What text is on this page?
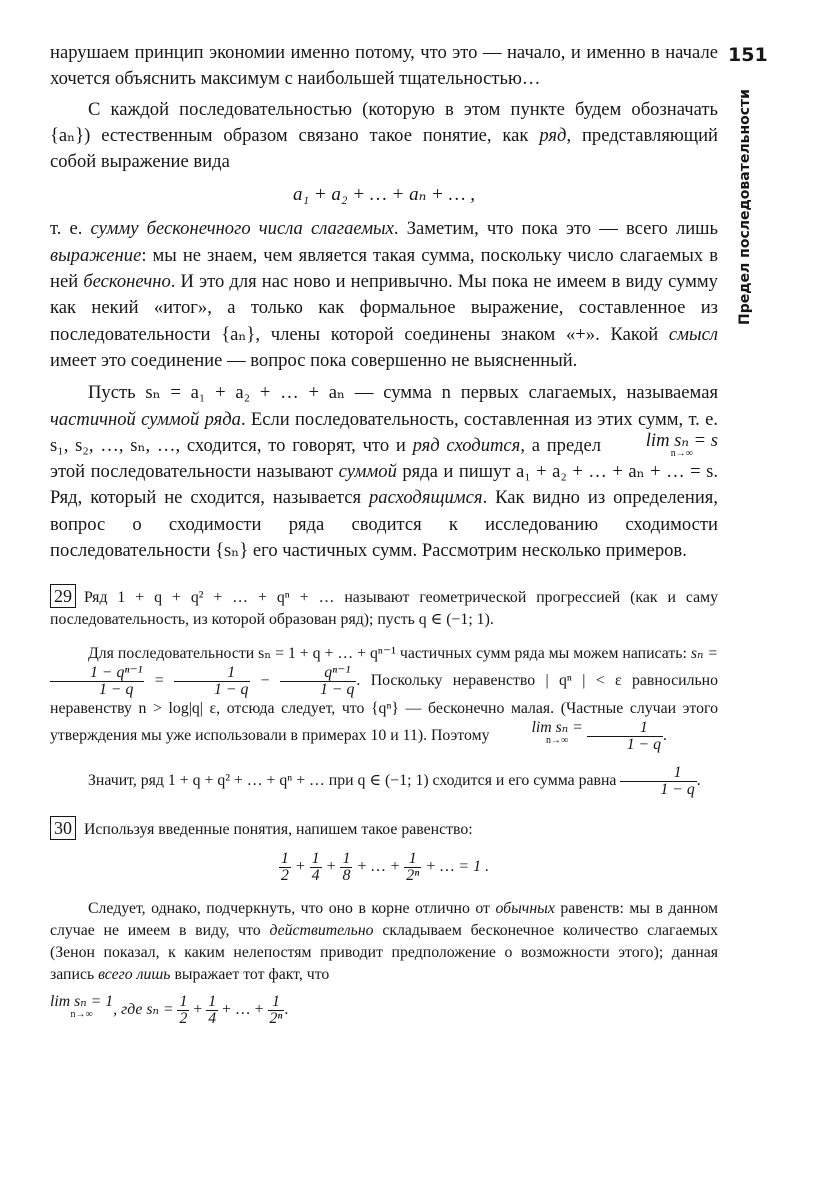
151
Предел последовательности

нарушаем принцип экономии именно потому, что это — начало, и именно в начале хочется объяснить максимум с наибольшей тщательностью…

С каждой последовательностью (которую в этом пункте будем обозначать {aₙ}) естественным образом связано такое понятие, как ряд, представляющий собой выражение вида

a₁ + a₂ + … + aₙ + … ,

т. е. сумму бесконечного числа слагаемых. Заметим, что пока это — всего лишь выражение: мы не знаем, чем является такая сумма, поскольку число слагаемых в ней бесконечно. И это для нас ново и непривычно. Мы пока не имеем в виду сумму как некий «итог», а только как формальное выражение, составленное из последовательности {aₙ}, члены которой соединены знаком «+». Какой смысл имеет это соединение — вопрос пока совершенно не выясненный.

Пусть sₙ = a₁ + a₂ + … + aₙ — сумма n первых слагаемых, называемая частичной суммой ряда. Если последовательность, составленная из этих сумм, т. е. s₁, s₂, …, sₙ, …, сходится, то говорят, что и ряд сходится, а предел lim sₙ = s
n→∞
этой последовательности называют суммой ряда и пишут a₁ + a₂ + … + aₙ + … = s. Ряд, который не сходится, называется расходящимся. Как видно из определения, вопрос о сходимости ряда сводится к исследованию сходимости последовательности {sₙ} его частичных сумм. Рассмотрим несколько примеров.

29 Ряд 1 + q + q² + … + qⁿ + … называют геометрической прогрессией (как и саму последовательность, из которой образован ряд); пусть q ∈ (−1; 1).

Для последовательности sₙ = 1 + q + … + qⁿ⁻¹ частичных сумм ряда мы можем написать: sₙ =
$\frac{\text{1 − qⁿ⁻¹}}{1 - q} = \frac{1}{1 - q} - \frac{\text{qⁿ⁻¹}}{1 - q}$ . Поскольку неравенство | qⁿ | < ε равносильно неравенству n > log|q| ε, отсюда следует, что {qⁿ} — бесконечно малая. (Частные случаи этого утверждения мы уже использовали в примерах 10 и 11). Поэтому	lim sₙ =
n→∞
	$\frac{1}{1 - q}$ .

Значит, ряд 1 + q + q² + … + qⁿ + … при q ∈ (−1; 1) сходится и его сумма равна $\frac{1}{1 - q}$ .

30 Используя введенные понятия, напишем такое равенство:

$\frac{1}{2} + \frac{1}{4} + \frac{1}{8}$ + … + $\frac{1}{\text{2ⁿ}}$ + … = 1 .

Следует, однако, подчеркнуть, что оно в корне отлично от обычных равенств: мы в данном случае не имеем в виду, что действительно складываем бесконечное количество слагаемых (Зенон показал, к каким нелепостям приводит предположение о возможности этого); данная запись всего лишь выражает тот факт, что

lim sₙ = 1
n→∞	, где $s_n = \frac{1}{2} + \frac{1}{4}$ + … + $\frac{1}{\text{2ⁿ}}$ .
